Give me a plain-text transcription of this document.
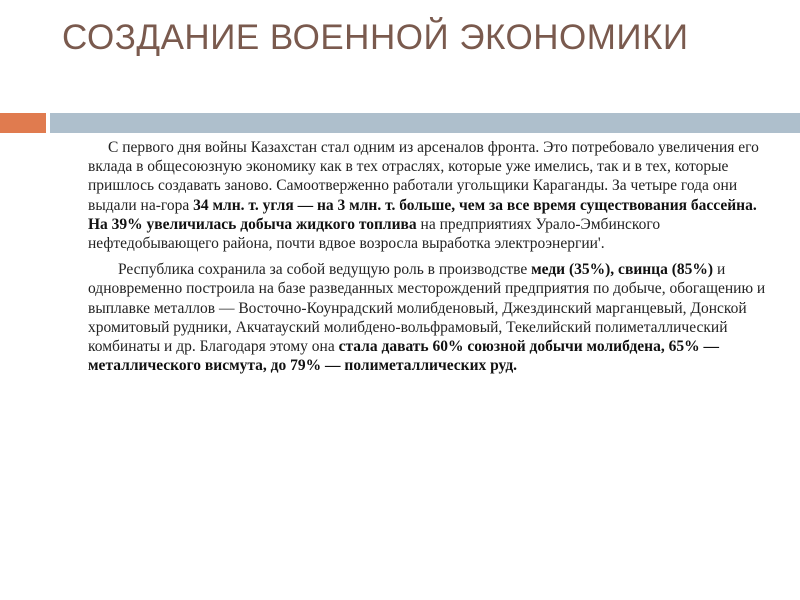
СОЗДАНИЕ ВОЕННОЙ ЭКОНОМИКИ

С первого дня войны Казахстан стал одним из арсеналов фронта. Это потребовало увеличения его вклада в общесоюзную экономику как в тех отраслях, которые уже имелись, так и в тех, которые пришлось создавать заново. Самоотверженно работали угольщики Караганды. За четыре года они выдали на-гора 34 млн. т. угля — на 3 млн. т. больше, чем за все время существования бассейна. На 39% увеличилась добыча жидкого топлива на предприятиях Урало-Эмбинского нефтедобывающего района, почти вдвое возросла выработка электроэнергии'.

Республика сохранила за собой ведущую роль в производстве меди (35%), свинца (85%) и одновременно построила на базе разведанных месторождений предприятия по добыче, обогащению и выплавке металлов — Восточно-Коунрадский молибденовый, Джездинский марганцевый, Донской хромитовый рудники, Акчатауский молибдено-вольфрамовый, Текелийский полиметаллический комбинаты и др. Благодаря этому она стала давать 60% союзной добычи молибдена, 65% — металлического висмута, до 79% — полиметаллических руд.
